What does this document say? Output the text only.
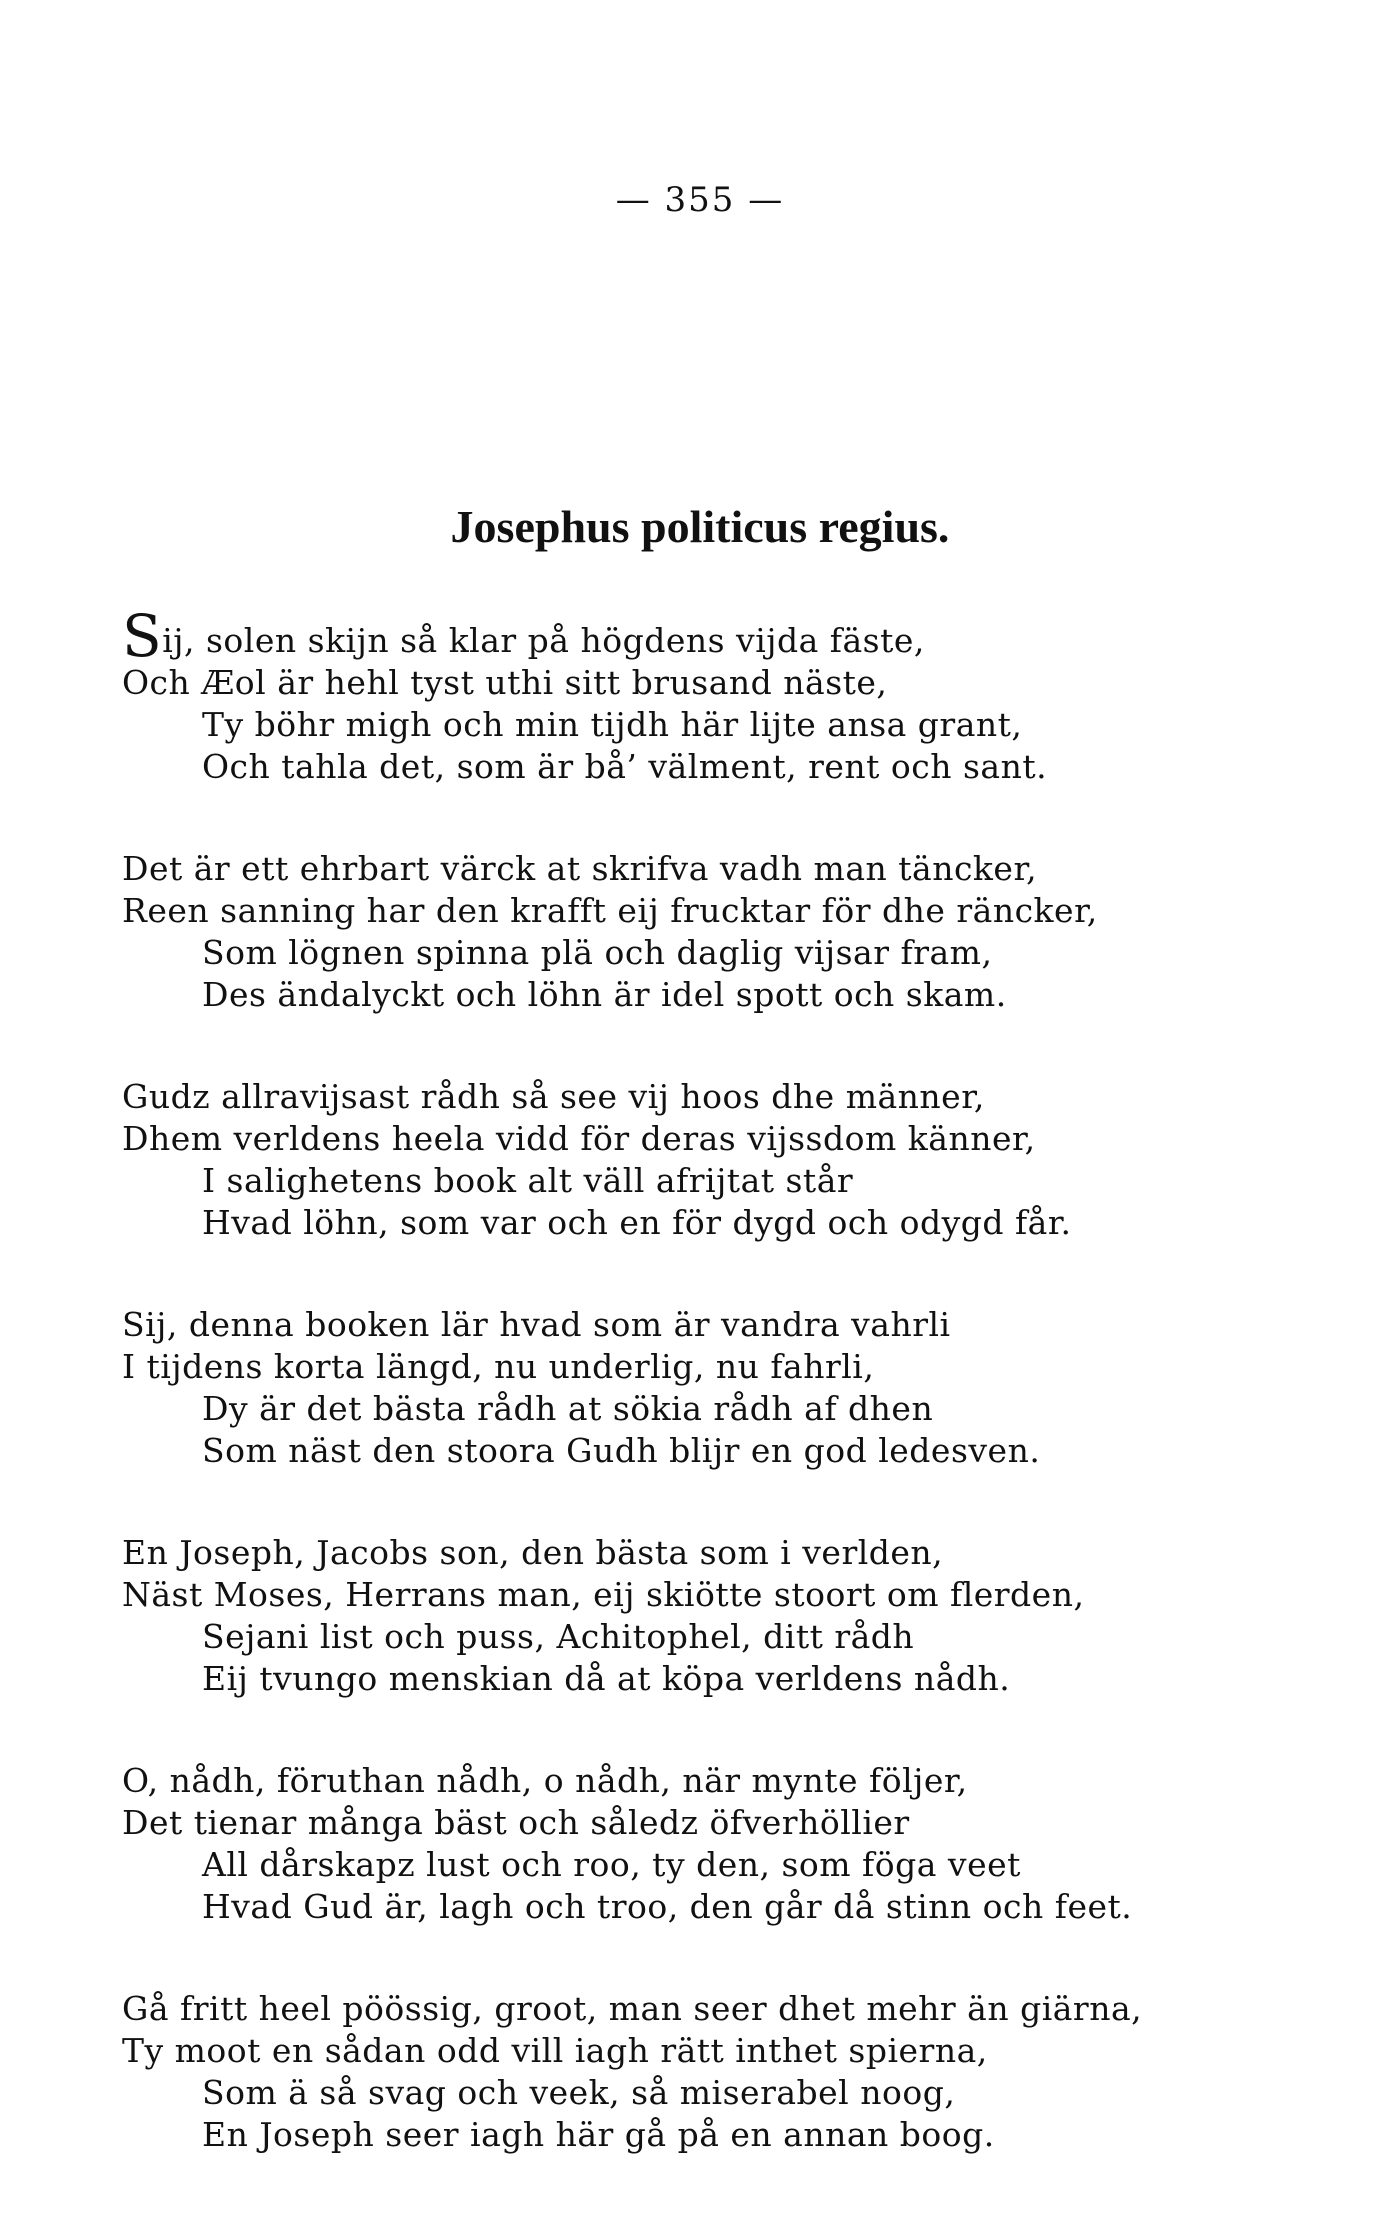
— 355 —
Josephus politicus regius.
Sij, solen skijn så klar på högdens vijda fäste,
Och Æol är hehl tyst uthi sitt brusand näste,
Ty böhr migh och min tijdh här lijte ansa grant,
Och tahla det, som är bå’ välment, rent och sant.
Det är ett ehrbart värck at skrifva vadh man täncker,
Reen sanning har den krafft eij frucktar för dhe räncker,
Som lögnen spinna plä och daglig vijsar fram,
Des ändalyckt och löhn är idel spott och skam.
Gudz allravijsast rådh så see vij hoos dhe männer,
Dhem verldens heela vidd för deras vijssdom känner,
I salighetens book alt väll afrijtat står
Hvad löhn, som var och en för dygd och odygd får.
Sij, denna booken lär hvad som är vandra vahrli
I tijdens korta längd, nu underlig, nu fahrli,
Dy är det bästa rådh at sökia rådh af dhen
Som näst den stoora Gudh blijr en god ledesven.
En Joseph, Jacobs son, den bästa som i verlden,
Näst Moses, Herrans man, eij skiötte stoort om flerden,
Sejani list och puss, Achitophel, ditt rådh
Eij tvungo menskian då at köpa verldens nådh.
O, nådh, föruthan nådh, o nådh, när mynte följer,
Det tienar många bäst och såledz öfverhöllier
All dårskapz lust och roo, ty den, som föga veet
Hvad Gud är, lagh och troo, den går då stinn och feet.
Gå fritt heel pöössig, groot, man seer dhet mehr än giärna,
Ty moot en sådan odd vill iagh rätt inthet spierna,
Som ä så svag och veek, så miserabel noog,
En Joseph seer iagh här gå på en annan boog.
